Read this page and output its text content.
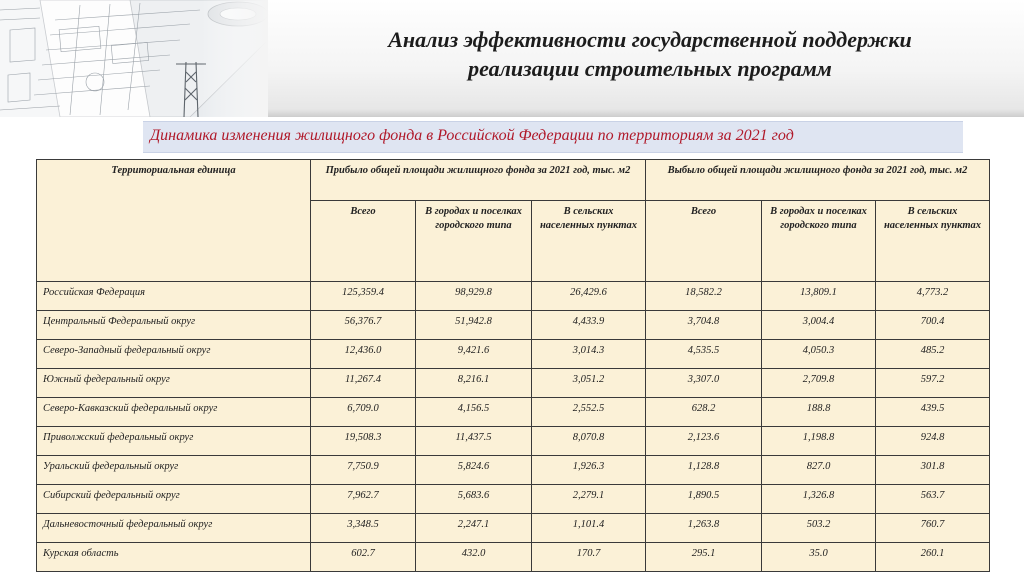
Анализ эффективности государственной поддержки
реализации строительных программ
Динамика изменения жилищного фонда в Российской Федерации по территориям за 2021 год
Территориальная единица	Прибыло общей площади жилищного фонда за 2021 год, тыс. м2			Выбыло общей площади жилищного фонда за 2021 год, тыс. м2		
	Всего	В городах и поселках городского типа	В сельских населенных пунктах	Всего	В городах и поселках городского типа	В сельских населенных пунктах
Российская Федерация	125,359.4	98,929.8	26,429.6	18,582.2	13,809.1	4,773.2
Центральный Федеральный округ	56,376.7	51,942.8	4,433.9	3,704.8	3,004.4	700.4
Северо-Западный федеральный округ	12,436.0	9,421.6	3,014.3	4,535.5	4,050.3	485.2
Южный федеральный округ	11,267.4	8,216.1	3,051.2	3,307.0	2,709.8	597.2
Северо-Кавказский федеральный округ	6,709.0	4,156.5	2,552.5	628.2	188.8	439.5
Приволжский федеральный округ	19,508.3	11,437.5	8,070.8	2,123.6	1,198.8	924.8
Уральский федеральный округ	7,750.9	5,824.6	1,926.3	1,128.8	827.0	301.8
Сибирский федеральный округ	7,962.7	5,683.6	2,279.1	1,890.5	1,326.8	563.7
Дальневосточный федеральный округ	3,348.5	2,247.1	1,101.4	1,263.8	503.2	760.7
Курская область	602.7	432.0	170.7	295.1	35.0	260.1
